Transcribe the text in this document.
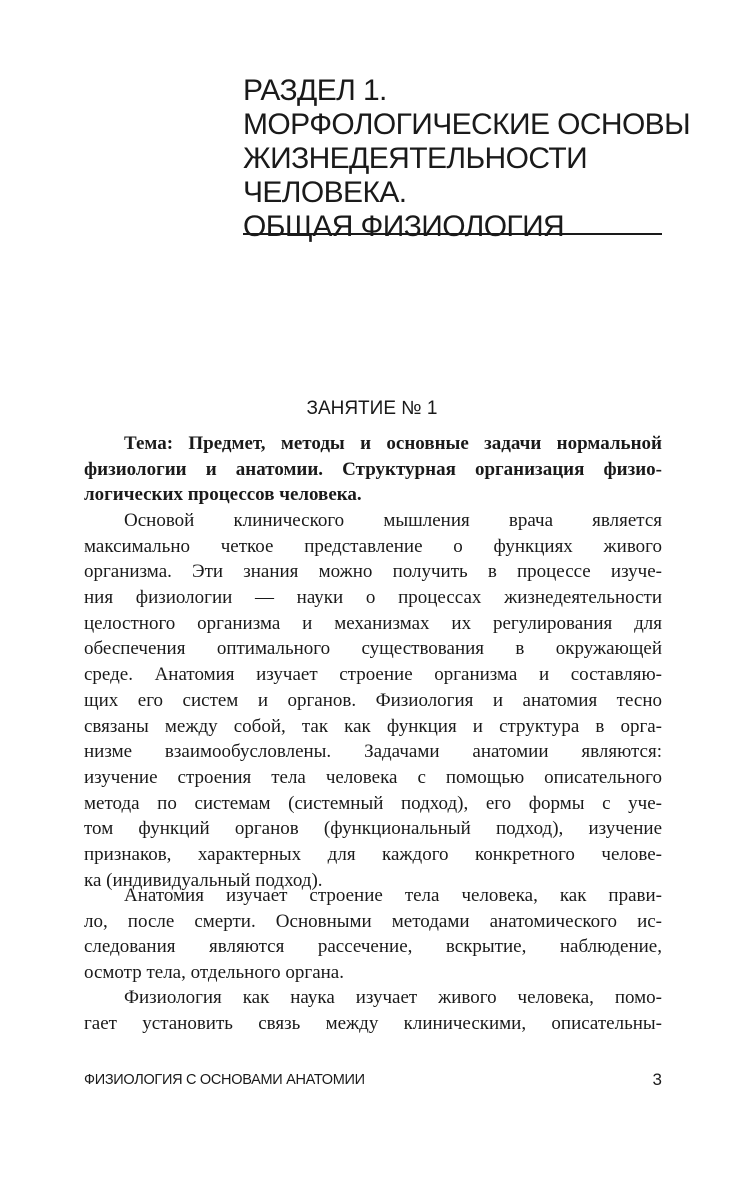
РАЗДЕЛ 1.
МОРФОЛОГИЧЕСКИЕ ОСНОВЫ
ЖИЗНЕДЕЯТЕЛЬНОСТИ
ЧЕЛОВЕКА.
ОБЩАЯ ФИЗИОЛОГИЯ
ЗАНЯТИЕ № 1
Тема: Предмет, методы и основные задачи нормальной
физиологии и анатомии. Структурная организация физио-
логических процессов человека.
Основой клинического мышления врача является
максимально четкое представление о функциях живого
организма. Эти знания можно получить в процессе изуче-
ния физиологии — науки о процессах жизнедеятельности
целостного организма и механизмах их регулирования для
обеспечения оптимального существования в окружающей
среде. Анатомия изучает строение организма и составляю-
щих его систем и органов. Физиология и анатомия тесно
связаны между собой, так как функция и структура в орга-
низме взаимообусловлены. Задачами анатомии являются:
изучение строения тела человека с помощью описательного
метода по системам (системный подход), его формы с уче-
том функций органов (функциональный подход), изучение
признаков, характерных для каждого конкретного челове-
ка (индивидуальный подход).
Анатомия изучает строение тела человека, как прави-
ло, после смерти. Основными методами анатомического ис-
следования являются рассечение, вскрытие, наблюдение,
осмотр тела, отдельного органа.
Физиология как наука изучает живого человека, помо-
гает установить связь между клиническими, описательны-
ФИЗИОЛОГИЯ С ОСНОВАМИ АНАТОМИИ	3
